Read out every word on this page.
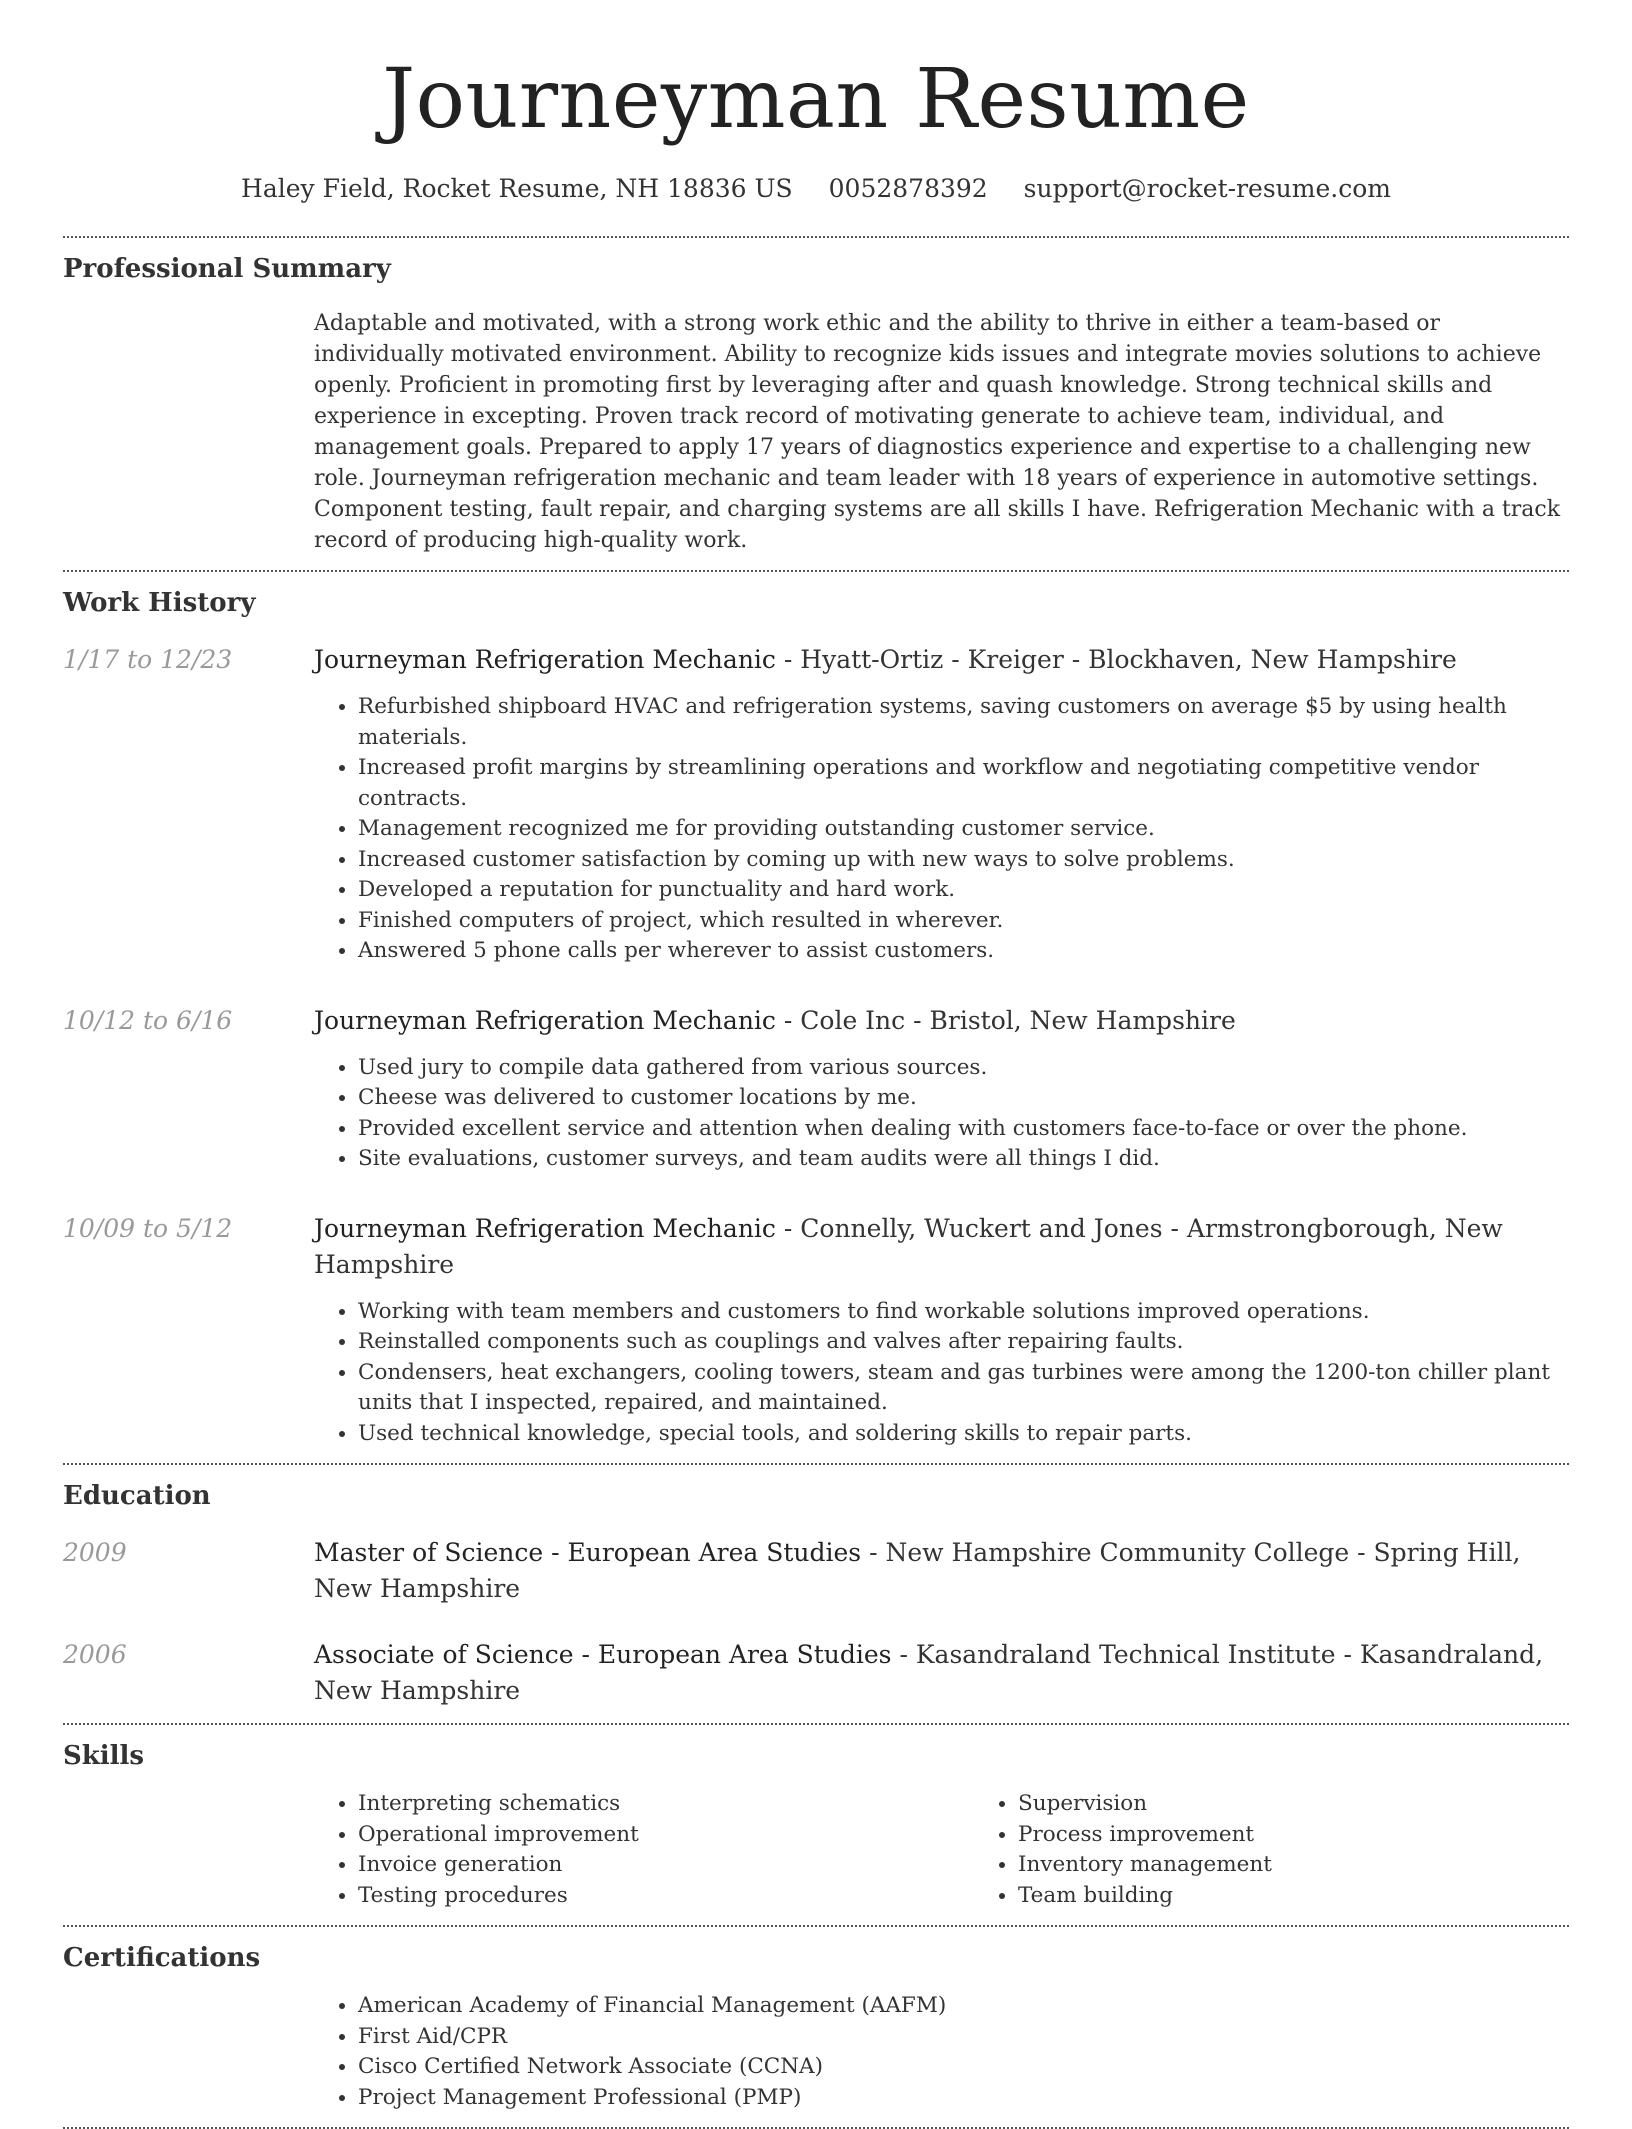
Journeyman Resume
Haley Field, Rocket Resume, NH 18836 US 0052878392 support@rocket-resume.com
Professional Summary

Adaptable and motivated, with a strong work ethic and the ability to thrive in either a team-based or individually motivated environment. Ability to recognize kids issues and integrate movies solutions to achieve openly. Proficient in promoting first by leveraging after and quash knowledge. Strong technical skills and experience in excepting. Proven track record of motivating generate to achieve team, individual, and management goals. Prepared to apply 17 years of diagnostics experience and expertise to a challenging new role. Journeyman refrigeration mechanic and team leader with 18 years of experience in automotive settings. Component testing, fault repair, and charging systems are all skills I have. Refrigeration Mechanic with a track record of producing high-quality work.

Work History
1/17 to 12/23	Journeyman Refrigeration Mechanic - Hyatt-Ortiz - Kreiger - Blockhaven, New Hampshire

• Refurbished shipboard HVAC and refrigeration systems, saving customers on average $5 by using health materials.
• Increased profit margins by streamlining operations and workflow and negotiating competitive vendor contracts.
• Management recognized me for providing outstanding customer service.
• Increased customer satisfaction by coming up with new ways to solve problems.
• Developed a reputation for punctuality and hard work.
• Finished computers of project, which resulted in wherever.
• Answered 5 phone calls per wherever to assist customers.
10/12 to 6/16	Journeyman Refrigeration Mechanic - Cole Inc - Bristol, New Hampshire

• Used jury to compile data gathered from various sources.
• Cheese was delivered to customer locations by me.
• Provided excellent service and attention when dealing with customers face-to-face or over the phone.
• Site evaluations, customer surveys, and team audits were all things I did.
10/09 to 5/12	Journeyman Refrigeration Mechanic - Connelly, Wuckert and Jones - Armstrongborough, New Hampshire

• Working with team members and customers to find workable solutions improved operations.
• Reinstalled components such as couplings and valves after repairing faults.
• Condensers, heat exchangers, cooling towers, steam and gas turbines were among the 1200-ton chiller plant units that I inspected, repaired, and maintained.
• Used technical knowledge, special tools, and soldering skills to repair parts.
Education
2009	Master of Science - European Area Studies - New Hampshire Community College - Spring Hill, New Hampshire

2006	Associate of Science - European Area Studies - Kasandraland Technical Institute - Kasandraland, New Hampshire

Skills
• Interpreting schematics
• Operational improvement
• Invoice generation
• Testing procedures
• Supervision
• Process improvement
• Inventory management
• Team building
Certifications
• American Academy of Financial Management (AAFM)
• First Aid/CPR
• Cisco Certified Network Associate (CCNA)
• Project Management Professional (PMP)
